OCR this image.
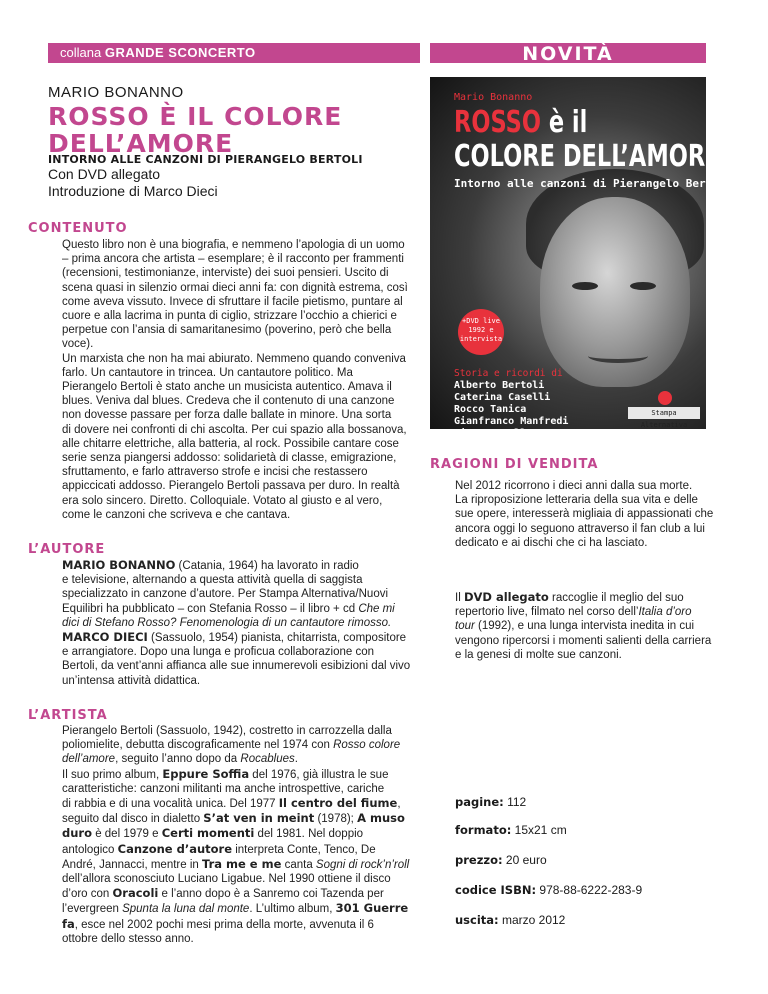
collana GRANDE SCONCERTO	NOVITÀ
MARIO BONANNO
ROSSO È IL COLORE
DELL’AMORE
INTORNO ALLE CANZONI DI PIERANGELO BERTOLI
Con DVD allegato
Introduzione di Marco Dieci
Mario Bonanno
ROSSO è il
COLORE DELL’AMORE
Intorno alle canzoni di Pierangelo Bertoli
+DVD live
1992 e
intervista
Storia e ricordi di
Alberto Bertoli
Caterina Caselli
Rocco Tanica
Gianfranco Manfredi
Mimmo Cavallo
Gaetano Curreri
Stampa Alternativa
CONTENUTO

Questo libro non è una biografia, e nemmeno l’apologia di un uomo

– prima ancora che artista – esemplare; è il racconto per frammenti

(recensioni, testimonianze, interviste) dei suoi pensieri. Uscito di

scena quasi in silenzio ormai dieci anni fa: con dignità estrema, così

come aveva vissuto. Invece di sfruttare il facile pietismo, puntare al

cuore e alla lacrima in punta di ciglio, strizzare l’occhio a chierici e

perpetue con l’ansia di samaritanesimo (poverino, però che bella

voce).

Un marxista che non ha mai abiurato. Nemmeno quando conveniva

farlo. Un cantautore in trincea. Un cantautore politico. Ma

Pierangelo Bertoli è stato anche un musicista autentico. Amava il

blues. Veniva dal blues. Credeva che il contenuto di una canzone

non dovesse passare per forza dalle ballate in minore. Una sorta

di dovere nei confronti di chi ascolta. Per cui spazio alla bossanova,

alle chitarre elettriche, alla batteria, al rock. Possibile cantare cose

serie senza piangersi addosso: solidarietà di classe, emigrazione,

sfruttamento, e farlo attraverso strofe e incisi che restassero

appiccicati addosso. Pierangelo Bertoli passava per duro. In realtà

era solo sincero. Diretto. Colloquiale. Votato al giusto e al vero,

come le canzoni che scriveva e che cantava.

L’AUTORE

MARIO BONANNO (Catania, 1964) ha lavorato in radio

e televisione, alternando a questa attività quella di saggista

specializzato in canzone d’autore. Per Stampa Alternativa/Nuovi

Equilibri ha pubblicato – con Stefania Rosso – il libro + cd Che mi

dici di Stefano Rosso? Fenomenologia di un cantautore rimosso.

MARCO DIECI (Sassuolo, 1954) pianista, chitarrista, compositore

e arrangiatore. Dopo una lunga e proficua collaborazione con

Bertoli, da vent’anni affianca alle sue innumerevoli esibizioni dal vivo

un’intensa attività didattica.

L’ARTISTA

Pierangelo Bertoli (Sassuolo, 1942), costretto in carrozzella dalla

poliomielite, debutta discograficamente nel 1974 con Rosso colore

dell’amore, seguito l’anno dopo da Rocablues.

Il suo primo album, Eppure Soffia del 1976, già illustra le sue

caratteristiche: canzoni militanti ma anche introspettive, cariche

di rabbia e di una vocalità unica. Del 1977 Il centro del fiume,

seguito dal disco in dialetto S’at ven in meint (1978); A muso

duro è del 1979 e Certi momenti del 1981. Nel doppio

antologico Canzone d’autore interpreta Conte, Tenco, De

André, Jannacci, mentre in Tra me e me canta Sogni di rock’n’roll

dell’allora sconosciuto Luciano Ligabue. Nel 1990 ottiene il disco

d’oro con Oracoli e l’anno dopo è a Sanremo coi Tazenda per

l’evergreen Spunta la luna dal monte. L’ultimo album, 301 Guerre

fa, esce nel 2002 pochi mesi prima della morte, avvenuta il 6

ottobre dello stesso anno.

RAGIONI DI VENDITA

Nel 2012 ricorrono i dieci anni dalla sua morte.

La riproposizione letteraria della sua vita e delle

sue opere, interesserà migliaia di appassionati che

ancora oggi lo seguono attraverso il fan club a lui

dedicato e ai dischi che ci ha lasciato.

Il DVD allegato raccoglie il meglio del suo

repertorio live, filmato nel corso dell’Italia d’oro

tour (1992), e una lunga intervista inedita in cui

vengono ripercorsi i momenti salienti della carriera

e la genesi di molte sue canzoni.

pagine: 112
formato: 15x21 cm
prezzo: 20 euro
codice ISBN: 978-88-6222-283-9
uscita: marzo 2012
